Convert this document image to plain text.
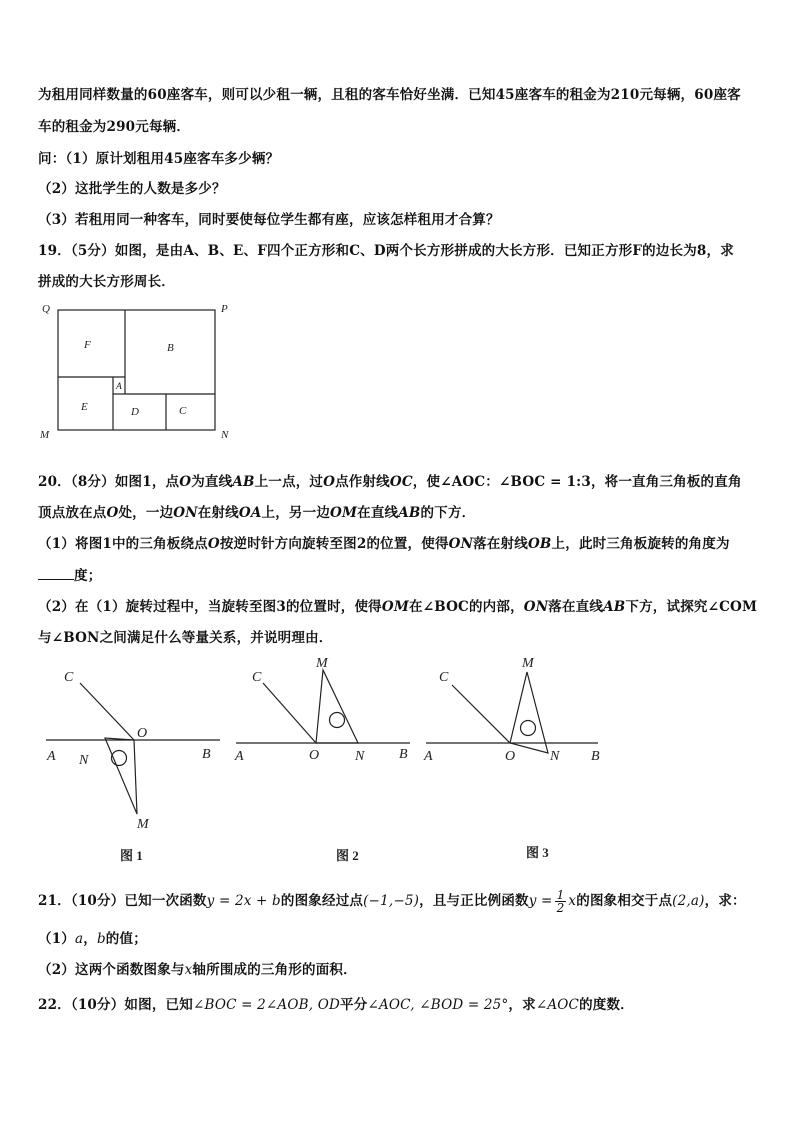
为租用同样数量的60座客车，则可以少租一辆，且租的客车恰好坐满．已知45座客车的租金为210元每辆，60座客
车的租金为290元每辆．
问：（1）原计划租用45座客车多少辆？
（2）这批学生的人数是多少？
（3）若租用同一种客车，同时要使每位学生都有座，应该怎样租用才合算？
19．（5分）如图，是由A、B、E、F四个正方形和C、D两个长方形拼成的大长方形．已知正方形F的边长为8，求
拼成的大长方形周长．
Q	P
M	N
F	B
A
E	D	C
20．（8分）如图1，点O为直线AB上一点，过O点作射线OC，使∠AOC：∠BOC = 1:3，将一直角三角板的直角
顶点放在点O处，一边ON在射线OA上，另一边OM在直线AB的下方．
（1）将图1中的三角板绕点O按逆时针方向旋转至图2的位置，使得ON落在射线OB上，此时三角板旋转的角度为
度；
（2）在（1）旋转过程中，当旋转至图3的位置时，使得OM在∠BOC的内部，ON落在直线AB下方，试探究∠COM
与∠BON之间满足什么等量关系，并说明理由．
C
O
A N	B
M
C
M
A	O	N B
C
M
A	O N B
图 1	图 2	图 3
21．（10分）已知一次函数y = 2x + b的图象经过点(−1,−5)，且与正比例函数$y = \frac{1}{2}$ x的图象相交于点(2,a)，求：
（1）a，b的值；
（2）这两个函数图象与x轴所围成的三角形的面积．
22．（10分）如图，已知∠BOC = 2∠AOB, OD平分∠AOC, ∠BOD = 25°，求∠AOC的度数．
